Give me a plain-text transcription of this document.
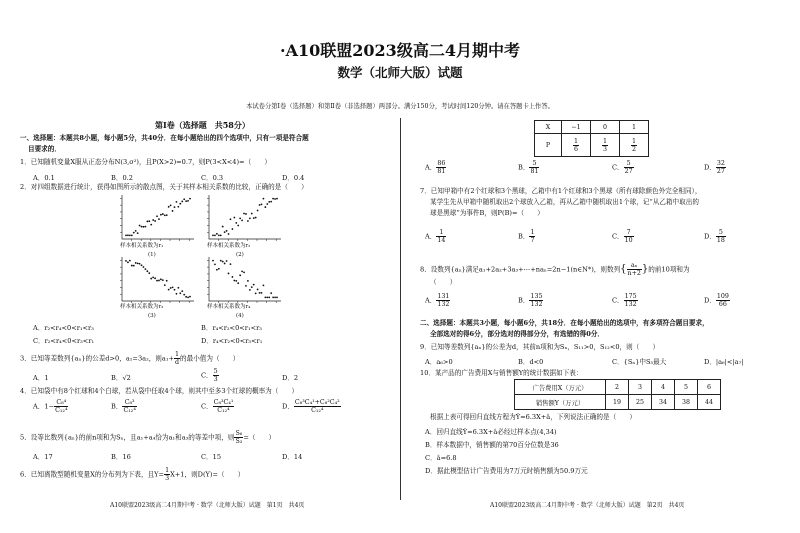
·A10联盟2023级高二4月期中考
数学（北师大版）试题
本试卷分第Ⅰ卷（选择题）和第Ⅱ卷（非选择题）两部分。满分150分，考试时间120分钟。请在答题卡上作答。
第Ⅰ卷（选择题　共58分）
一、选择题：本题共8小题，每小题5分，共40分．在每小题给出的四个选项中，只有一项是符合题
目要求的．
1．已知随机变量X服从正态分布N(3,σ²)，且P(X>2)=0.7，则P(3<X<4)=（　　）
A．0.1	B．0.2	C．0.3	D．0.4
2．对四组数据进行统计，获得如图所示的散点图，关于其样本相关系数的比较，正确的是（　　）
样本相关系数为r₁
(1)
样本相关系数为r₂
(2)
样本相关系数为r₃
(3)
样本相关系数为r₄
(4)
A．r₂<r₄<0<r₁<r₃	B．r₄<r₂<0<r₁<r₃
C．r₂<r₄<0<r₃<r₁	D．r₄<r₂<0<r₃<r₁
3．已知等差数列{aₙ}的公差d>0，a₁=3a₂，则$a_1+ \frac{1}{d}$ 的最小值为（　　）
A．1	B．√2	C． $\frac{5}{3}$	D．2
4．已知袋中有8个红球和4个白球，若从袋中任取4个球，则其中至多3个红球的概率为（　　）
A．$1- \frac{\text{C₈⁴}}{\text{C₁₂⁴}}$	B． $\frac{\text{C₈³}}{\text{C₁₂⁴}}$	C． $\frac{\text{C₈³C₄¹}}{\text{C₁₂⁴}}$	D． $\frac{\text{C₈³C₄¹+C₈²C₄²}}{\text{C₁₂⁴}}$
5．设等比数列{aₙ}的前n项和为Sₙ，且a₁+a₄恰为a₁和a₃的等差中项，则 $\frac{\text{S₆}}{\text{S₃}}$ =（　　）
A．17	B．16	C．15	D．14
6．已知离散型随机变量X的分布列为下表，且$Y= \frac{1}{3} X+1$，则D(Y)=（　　）
A10联盟2023级高二4月期中考 · 数学（北师大版）试题　第1页　共4页
X	−1	0	1
P	$\frac{1}{6}$	$\frac{1}{3}$	$\frac{1}{2}$
A． $\frac{86}{81}$	B． $\frac{5}{81}$	C． $\frac{5}{27}$	D． $\frac{32}{27}$
7．已知甲箱中有2个红球和3个黑球，乙箱中有1个红球和3个黑球（所有球除颜色外完全相同），
某学生先从甲箱中随机取出2个球放入乙箱，再从乙箱中随机取出1个球，记“从乙箱中取出的
球是黑球”为事件B，则P(B)=（　　）
A． $\frac{1}{14}$	B． $\frac{1}{7}$	C． $\frac{7}{10}$	D． $\frac{5}{18}$
8．设数列{aₙ}满足a₁+2a₂+3a₃+⋯+naₙ=2n−1(n∈N*)，则数列{ $\frac{\text{aₙ}}{n+2}$ }的前10项和为
（　　）
A． $\frac{131}{132}$	B． $\frac{135}{132}$	C． $\frac{175}{132}$	D． $\frac{109}{66}$
二、选择题：本题共3小题，每小题6分，共18分．在每小题给出的选项中，有多项符合题目要求，
全部选对的得6分，部分选对的得部分分，有选错的得0分．
9．已知等差数列{aₙ}的公差为d，其前n项和为Sₙ，S₁₁>0，S₁₂<0，则（　　）
A．a₆>0	B．d<0	C．{Sₙ}中S₅最大	D．|a₆|<|a₇|
10．某产品的广告费用X与销售额Y的统计数据如下表：
广告费用X（万元）	2	3	4	5	6
销售额Y（万元）	19	25	34	38	44
根据上表可得回归直线方程为Ŷ=6.3X+â，下列说法正确的是（　　）
A．回归直线Ŷ=6.3X+â必经过样本点(4,34)
B．样本数据中，销售额的第70百分位数是36
C．â=6.8
D．据此模型估计广告费用为7万元时销售额为50.9万元
A10联盟2023级高二4月期中考 · 数学（北师大版）试题　第2页　共4页
